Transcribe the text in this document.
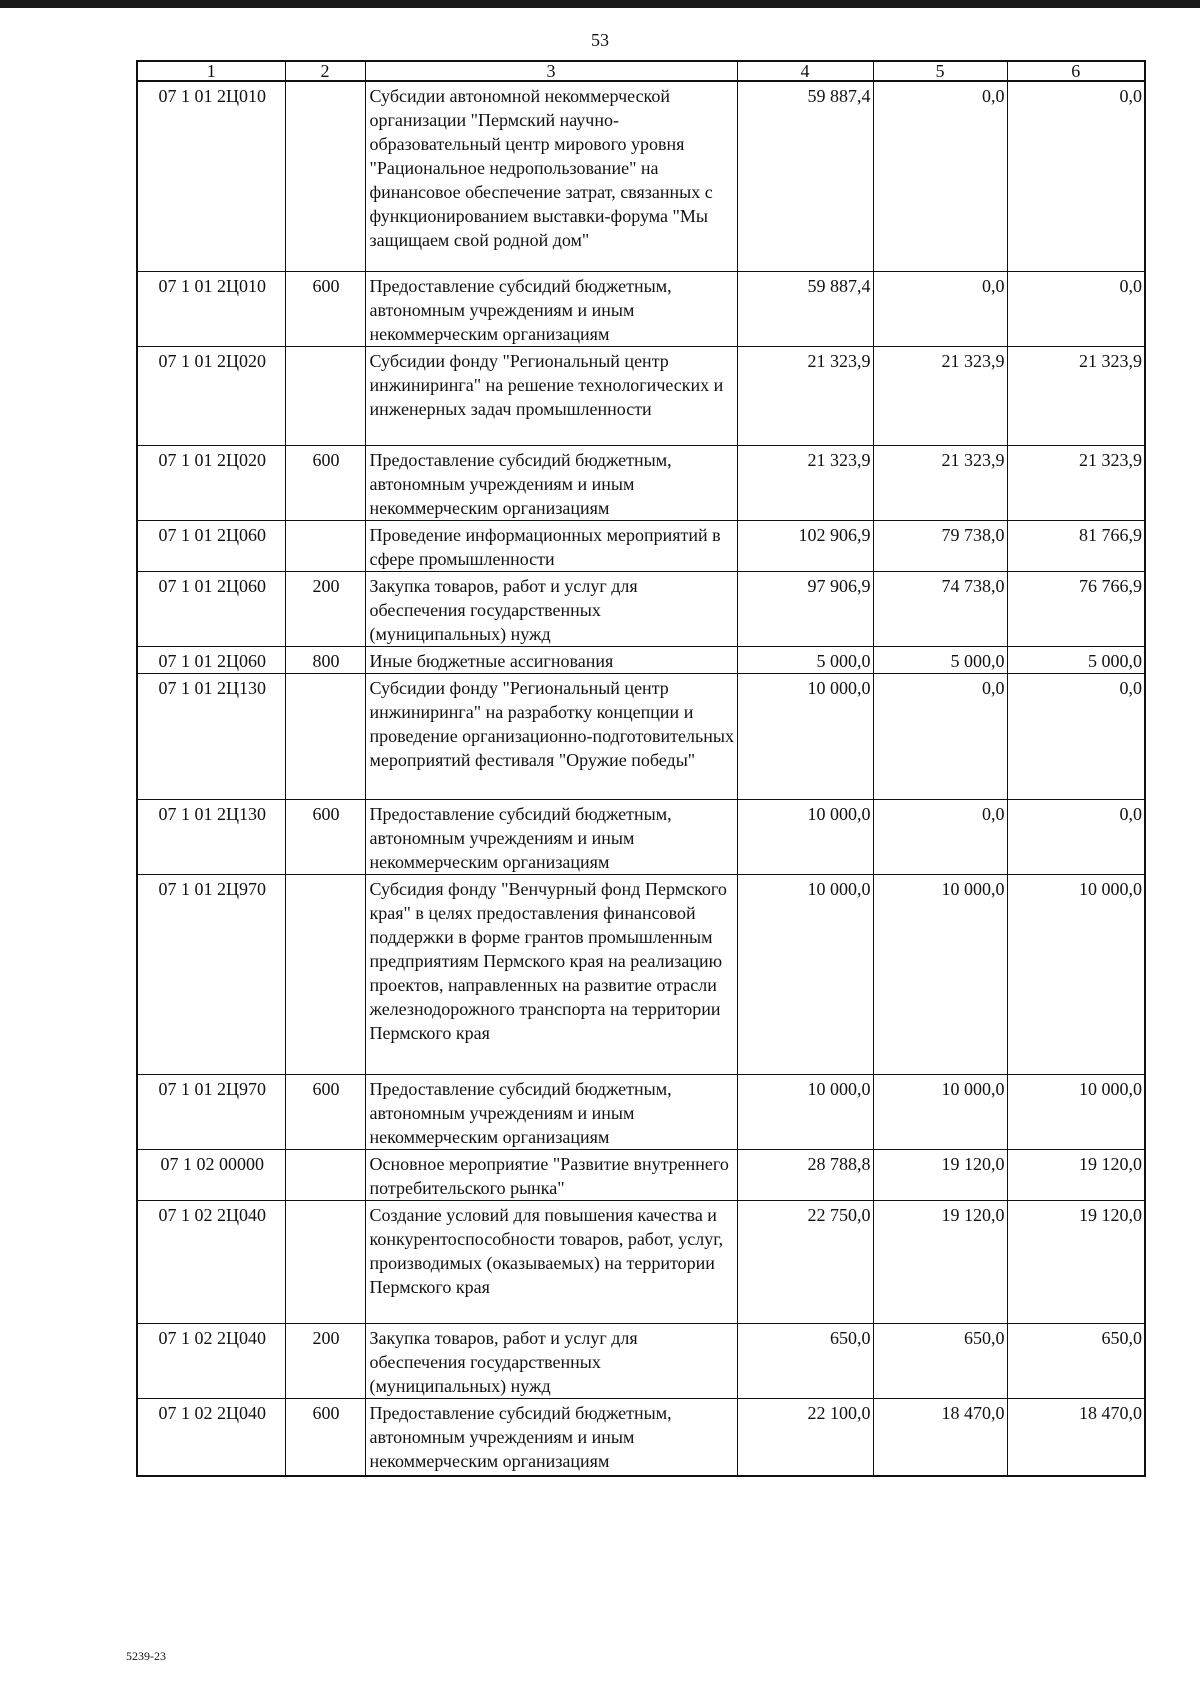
53
1	2	3	4	5	6
07 1 01 2Ц010		Субсидии автономной некоммерческой организации "Пермский научно-образовательный центр мирового уровня "Рациональное недропользование" на финансовое обеспечение затрат, связанных с функционированием выставки-форума "Мы защищаем свой родной дом"	59 887,4	0,0	0,0
07 1 01 2Ц010	600	Предоставление субсидий бюджетным, автономным учреждениям и иным некоммерческим организациям	59 887,4	0,0	0,0
07 1 01 2Ц020		Субсидии фонду "Региональный центр инжиниринга" на решение технологических и инженерных задач промышленности	21 323,9	21 323,9	21 323,9
07 1 01 2Ц020	600	Предоставление субсидий бюджетным, автономным учреждениям и иным некоммерческим организациям	21 323,9	21 323,9	21 323,9
07 1 01 2Ц060		Проведение информационных мероприятий в сфере промышленности	102 906,9	79 738,0	81 766,9
07 1 01 2Ц060	200	Закупка товаров, работ и услуг для обеспечения государственных (муниципальных) нужд	97 906,9	74 738,0	76 766,9
07 1 01 2Ц060	800	Иные бюджетные ассигнования	5 000,0	5 000,0	5 000,0
07 1 01 2Ц130		Субсидии фонду "Региональный центр инжиниринга" на разработку концепции и проведение организационно-подготовительных мероприятий фестиваля "Оружие победы"	10 000,0	0,0	0,0
07 1 01 2Ц130	600	Предоставление субсидий бюджетным, автономным учреждениям и иным некоммерческим организациям	10 000,0	0,0	0,0
07 1 01 2Ц970		Субсидия фонду "Венчурный фонд Пермского края" в целях предоставления финансовой поддержки в форме грантов промышленным предприятиям Пермского края на реализацию проектов, направленных на развитие отрасли железнодорожного транспорта на территории Пермского края	10 000,0	10 000,0	10 000,0
07 1 01 2Ц970	600	Предоставление субсидий бюджетным, автономным учреждениям и иным некоммерческим организациям	10 000,0	10 000,0	10 000,0
07 1 02 00000		Основное мероприятие "Развитие внутреннего потребительского рынка"	28 788,8	19 120,0	19 120,0
07 1 02 2Ц040		Создание условий для повышения качества и конкурентоспособности товаров, работ, услуг, производимых (оказываемых) на территории Пермского края	22 750,0	19 120,0	19 120,0
07 1 02 2Ц040	200	Закупка товаров, работ и услуг для обеспечения государственных (муниципальных) нужд	650,0	650,0	650,0
07 1 02 2Ц040	600	Предоставление субсидий бюджетным, автономным учреждениям и иным некоммерческим организациям	22 100,0	18 470,0	18 470,0
5239-23
